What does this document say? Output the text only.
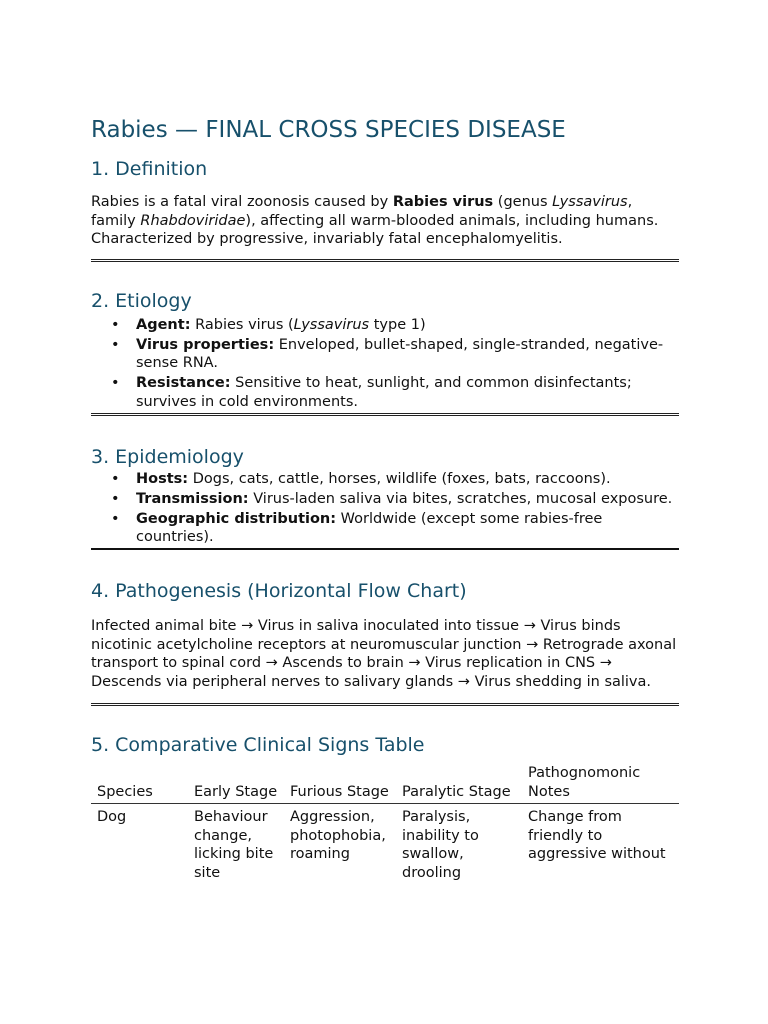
Rabies — FINAL CROSS SPECIES DISEASE
1. Definition

Rabies is a fatal viral zoonosis caused by Rabies virus (genus Lyssavirus, family Rhabdoviridae), affecting all warm-blooded animals, including humans. Characterized by progressive, invariably fatal encephalomyelitis.

2. Etiology
• Agent: Rabies virus (Lyssavirus type 1)
• Virus properties: Enveloped, bullet-shaped, single-stranded, negative-sense RNA.
• Resistance: Sensitive to heat, sunlight, and common disinfectants; survives in cold environments.
3. Epidemiology
• Hosts: Dogs, cats, cattle, horses, wildlife (foxes, bats, raccoons).
• Transmission: Virus-laden saliva via bites, scratches, mucosal exposure.
• Geographic distribution: Worldwide (except some rabies-free countries).
4. Pathogenesis (Horizontal Flow Chart)

Infected animal bite → Virus in saliva inoculated into tissue → Virus binds nicotinic acetylcholine receptors at neuromuscular junction → Retrograde axonal transport to spinal cord → Ascends to brain → Virus replication in CNS → Descends via peripheral nerves to salivary glands → Virus shedding in saliva.

5. Comparative Clinical Signs Table
Species	Early Stage	Furious Stage	Paralytic Stage	Pathognomonic Notes
Dog	Behaviour change, licking bite site	Aggression, photophobia, roaming	Paralysis, inability to swallow, drooling	Change from friendly to aggressive without
